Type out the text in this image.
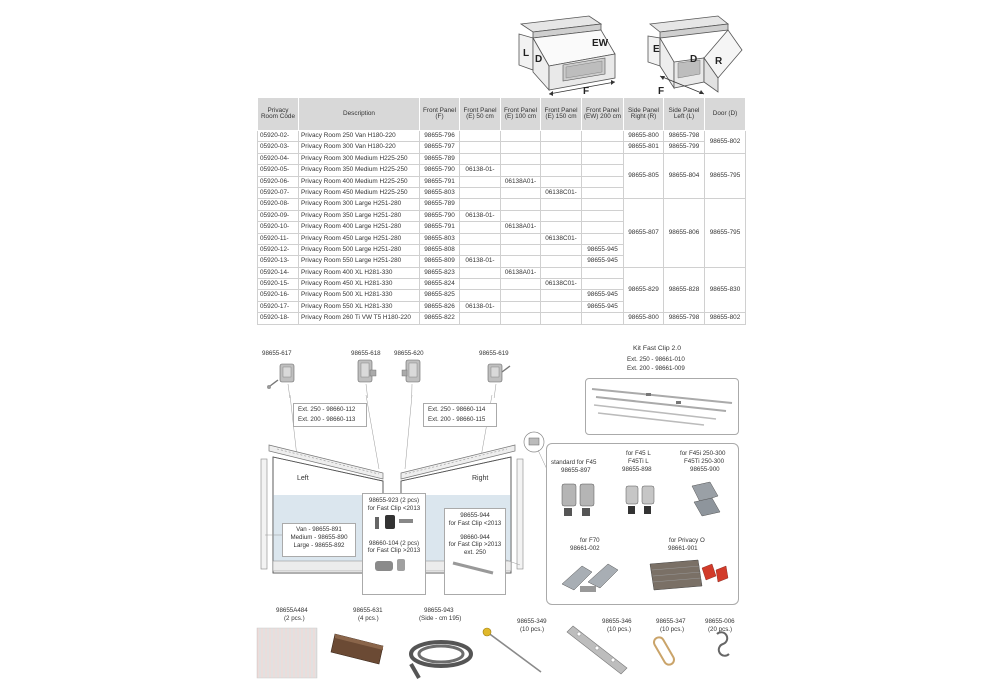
L
D
EW
F
E
D R
F
Privacy Room Code	Description	Front Panel (F)	Front Panel (E) 50 cm	Front Panel (E) 100 cm	Front Panel (E) 150 cm	Front Panel (EW) 200 cm	Side Panel Right (R)	Side Panel Left (L)	Door (D)
05920-02-	Privacy Room 250 Van H180-220	98655-796					98655-800	98655-798	98655-802
05920-03-	Privacy Room 300 Van H180-220	98655-797					98655-801	98655-799	
05920-04-	Privacy Room 300 Medium H225-250	98655-789					98655-805	98655-804	98655-795
05920-05-	Privacy Room 350 Medium H225-250	98655-790	06138-01-						
05920-06-	Privacy Room 400 Medium H225-250	98655-791		06138A01-					
05920-07-	Privacy Room 450 Medium H225-250	98655-803			06138C01-				
05920-08-	Privacy Room 300 Large H251-280	98655-789					98655-807	98655-806	98655-795
05920-09-	Privacy Room 350 Large H251-280	98655-790	06138-01-						
05920-10-	Privacy Room 400 Large H251-280	98655-791		06138A01-					
05920-11-	Privacy Room 450 Large H251-280	98655-803			06138C01-				
05920-12-	Privacy Room 500 Large H251-280	98655-808				98655-945			
05920-13-	Privacy Room 550 Large H251-280	98655-809	06138-01-			98655-945			
05920-14-	Privacy Room 400 XL H281-330	98655-823		06138A01-			98655-829	98655-828	98655-830
05920-15-	Privacy Room 450 XL H281-330	98655-824			06138C01-				
05920-16-	Privacy Room 500 XL H281-330	98655-825				98655-945			
05920-17-	Privacy Room 550 XL H281-330	98655-826	06138-01-			98655-945			
05920-18-	Privacy Room 260 Ti VW T5 H180-220	98655-822					98655-800	98655-798	98655-802
98655-617	98655-618 98655-620	98655-619
Left	Right
Ext. 250 - 98660-112
Ext. 200 - 98660-113
Ext. 250 - 98660-114
Ext. 200 - 98660-115
Van - 98655-891
Medium - 98655-890
Large - 98655-892
98655-923 (2 pcs)
for Fast Clip <2013
98660-104 (2 pcs)
for Fast Clip >2013
98655-944
for Fast Clip <2013
98660-944
for Fast Clip >2013
ext. 250
Kit Fast Clip 2.0
Ext. 250 - 98661-010
Ext. 200 - 98661-009
standard for F45
98655-897
for F45 L
F45Ti L
98655-898
for F45i 250-300
F45Ti 250-300
98655-900
for F70
98661-002
for Privacy O
98661-901
98655A484
(2 pcs.)
98655-631
(4 pcs.)
98655-943
(Side - cm 195)	98655-349
(10 pcs.)
98655-346
(10 pcs.)
98655-347
(10 pcs.)
98655-006
(20 pcs.)
